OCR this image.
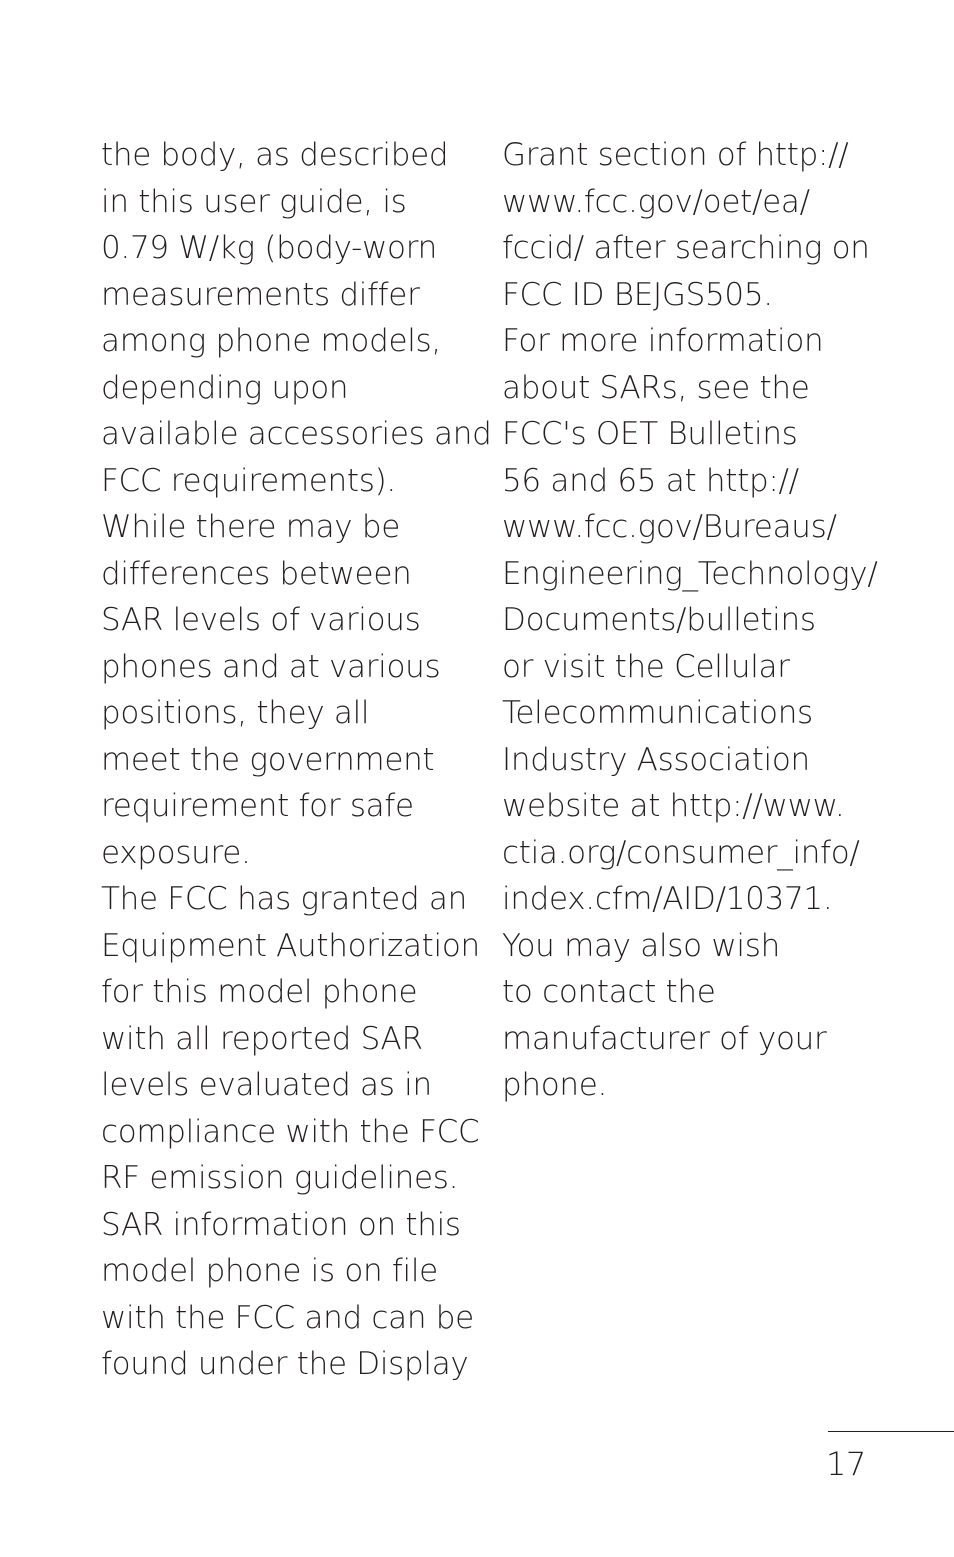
the body, as described
in this user guide, is
0.79 W/kg (body-worn
measurements differ
among phone models,
depending upon
available accessories and
FCC requirements).
While there may be
differences between
SAR levels of various
phones and at various
positions, they all
meet the government
requirement for safe
exposure.
The FCC has granted an
Equipment Authorization
for this model phone
with all reported SAR
levels evaluated as in
compliance with the FCC
RF emission guidelines.
SAR information on this
model phone is on file
with the FCC and can be
found under the Display
Grant section of http://
www.fcc.gov/oet/ea/
fccid/ after searching on
FCC ID BEJGS505.
For more information
about SARs, see the
FCC's OET Bulletins
56 and 65 at http://
www.fcc.gov/Bureaus/
Engineering_Technology/
Documents/bulletins
or visit the Cellular
Telecommunications
Industry Association
website at http://www.
ctia.org/consumer_info/
index.cfm/AID/10371.
You may also wish
to contact the
manufacturer of your
phone.
17
